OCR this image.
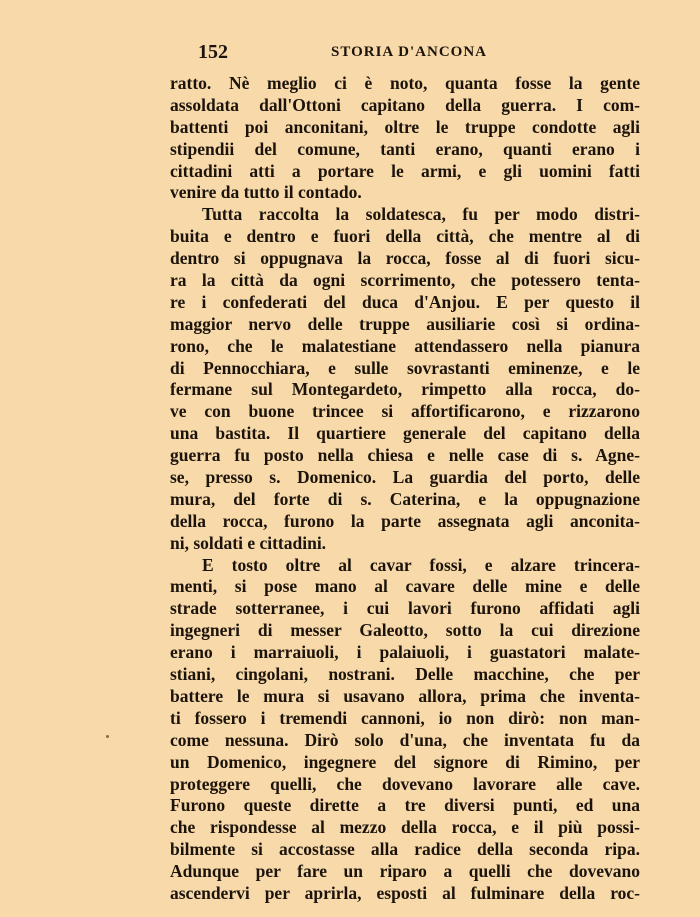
152	STORIA D'ANCONA
ratto. Nè meglio ci è noto, quanta fosse la gente
assoldata dall'Ottoni capitano della guerra. I com-
battenti poi anconitani, oltre le truppe condotte agli
stipendii del comune, tanti erano, quanti erano i
cittadini atti a portare le armi, e gli uomini fatti
venire da tutto il contado.
Tutta raccolta la soldatesca, fu per modo distri-
buita e dentro e fuori della città, che mentre al di
dentro si oppugnava la rocca, fosse al di fuori sicu-
ra la città da ogni scorrimento, che potessero tenta-
re i confederati del duca d'Anjou. E per questo il
maggior nervo delle truppe ausiliarie così si ordina-
rono, che le malatestiane attendassero nella pianura
di Pennocchiara, e sulle sovrastanti eminenze, e le
fermane sul Montegardeto, rimpetto alla rocca, do-
ve con buone trincee si affortificarono, e rizzarono
una bastita. Il quartiere generale del capitano della
guerra fu posto nella chiesa e nelle case di s. Agne-
se, presso s. Domenico. La guardia del porto, delle
mura, del forte di s. Caterina, e la oppugnazione
della rocca, furono la parte assegnata agli anconita-
ni, soldati e cittadini.
E tosto oltre al cavar fossi, e alzare trincera-
menti, si pose mano al cavare delle mine e delle
strade sotterranee, i cui lavori furono affidati agli
ingegneri di messer Galeotto, sotto la cui direzione
erano i marraiuoli, i palaiuoli, i guastatori malate-
stiani, cingolani, nostrani. Delle macchine, che per
battere le mura si usavano allora, prima che inventa-
ti fossero i tremendi cannoni, io non dirò: non man-
come nessuna. Dirò solo d'una, che inventata fu da
un Domenico, ingegnere del signore di Rimino, per
proteggere quelli, che dovevano lavorare alle cave.
Furono queste dirette a tre diversi punti, ed una
che rispondesse al mezzo della rocca, e il più possi-
bilmente si accostasse alla radice della seconda ripa.
Adunque per fare un riparo a quelli che dovevano
ascendervi per aprirla, esposti al fulminare della roc-
